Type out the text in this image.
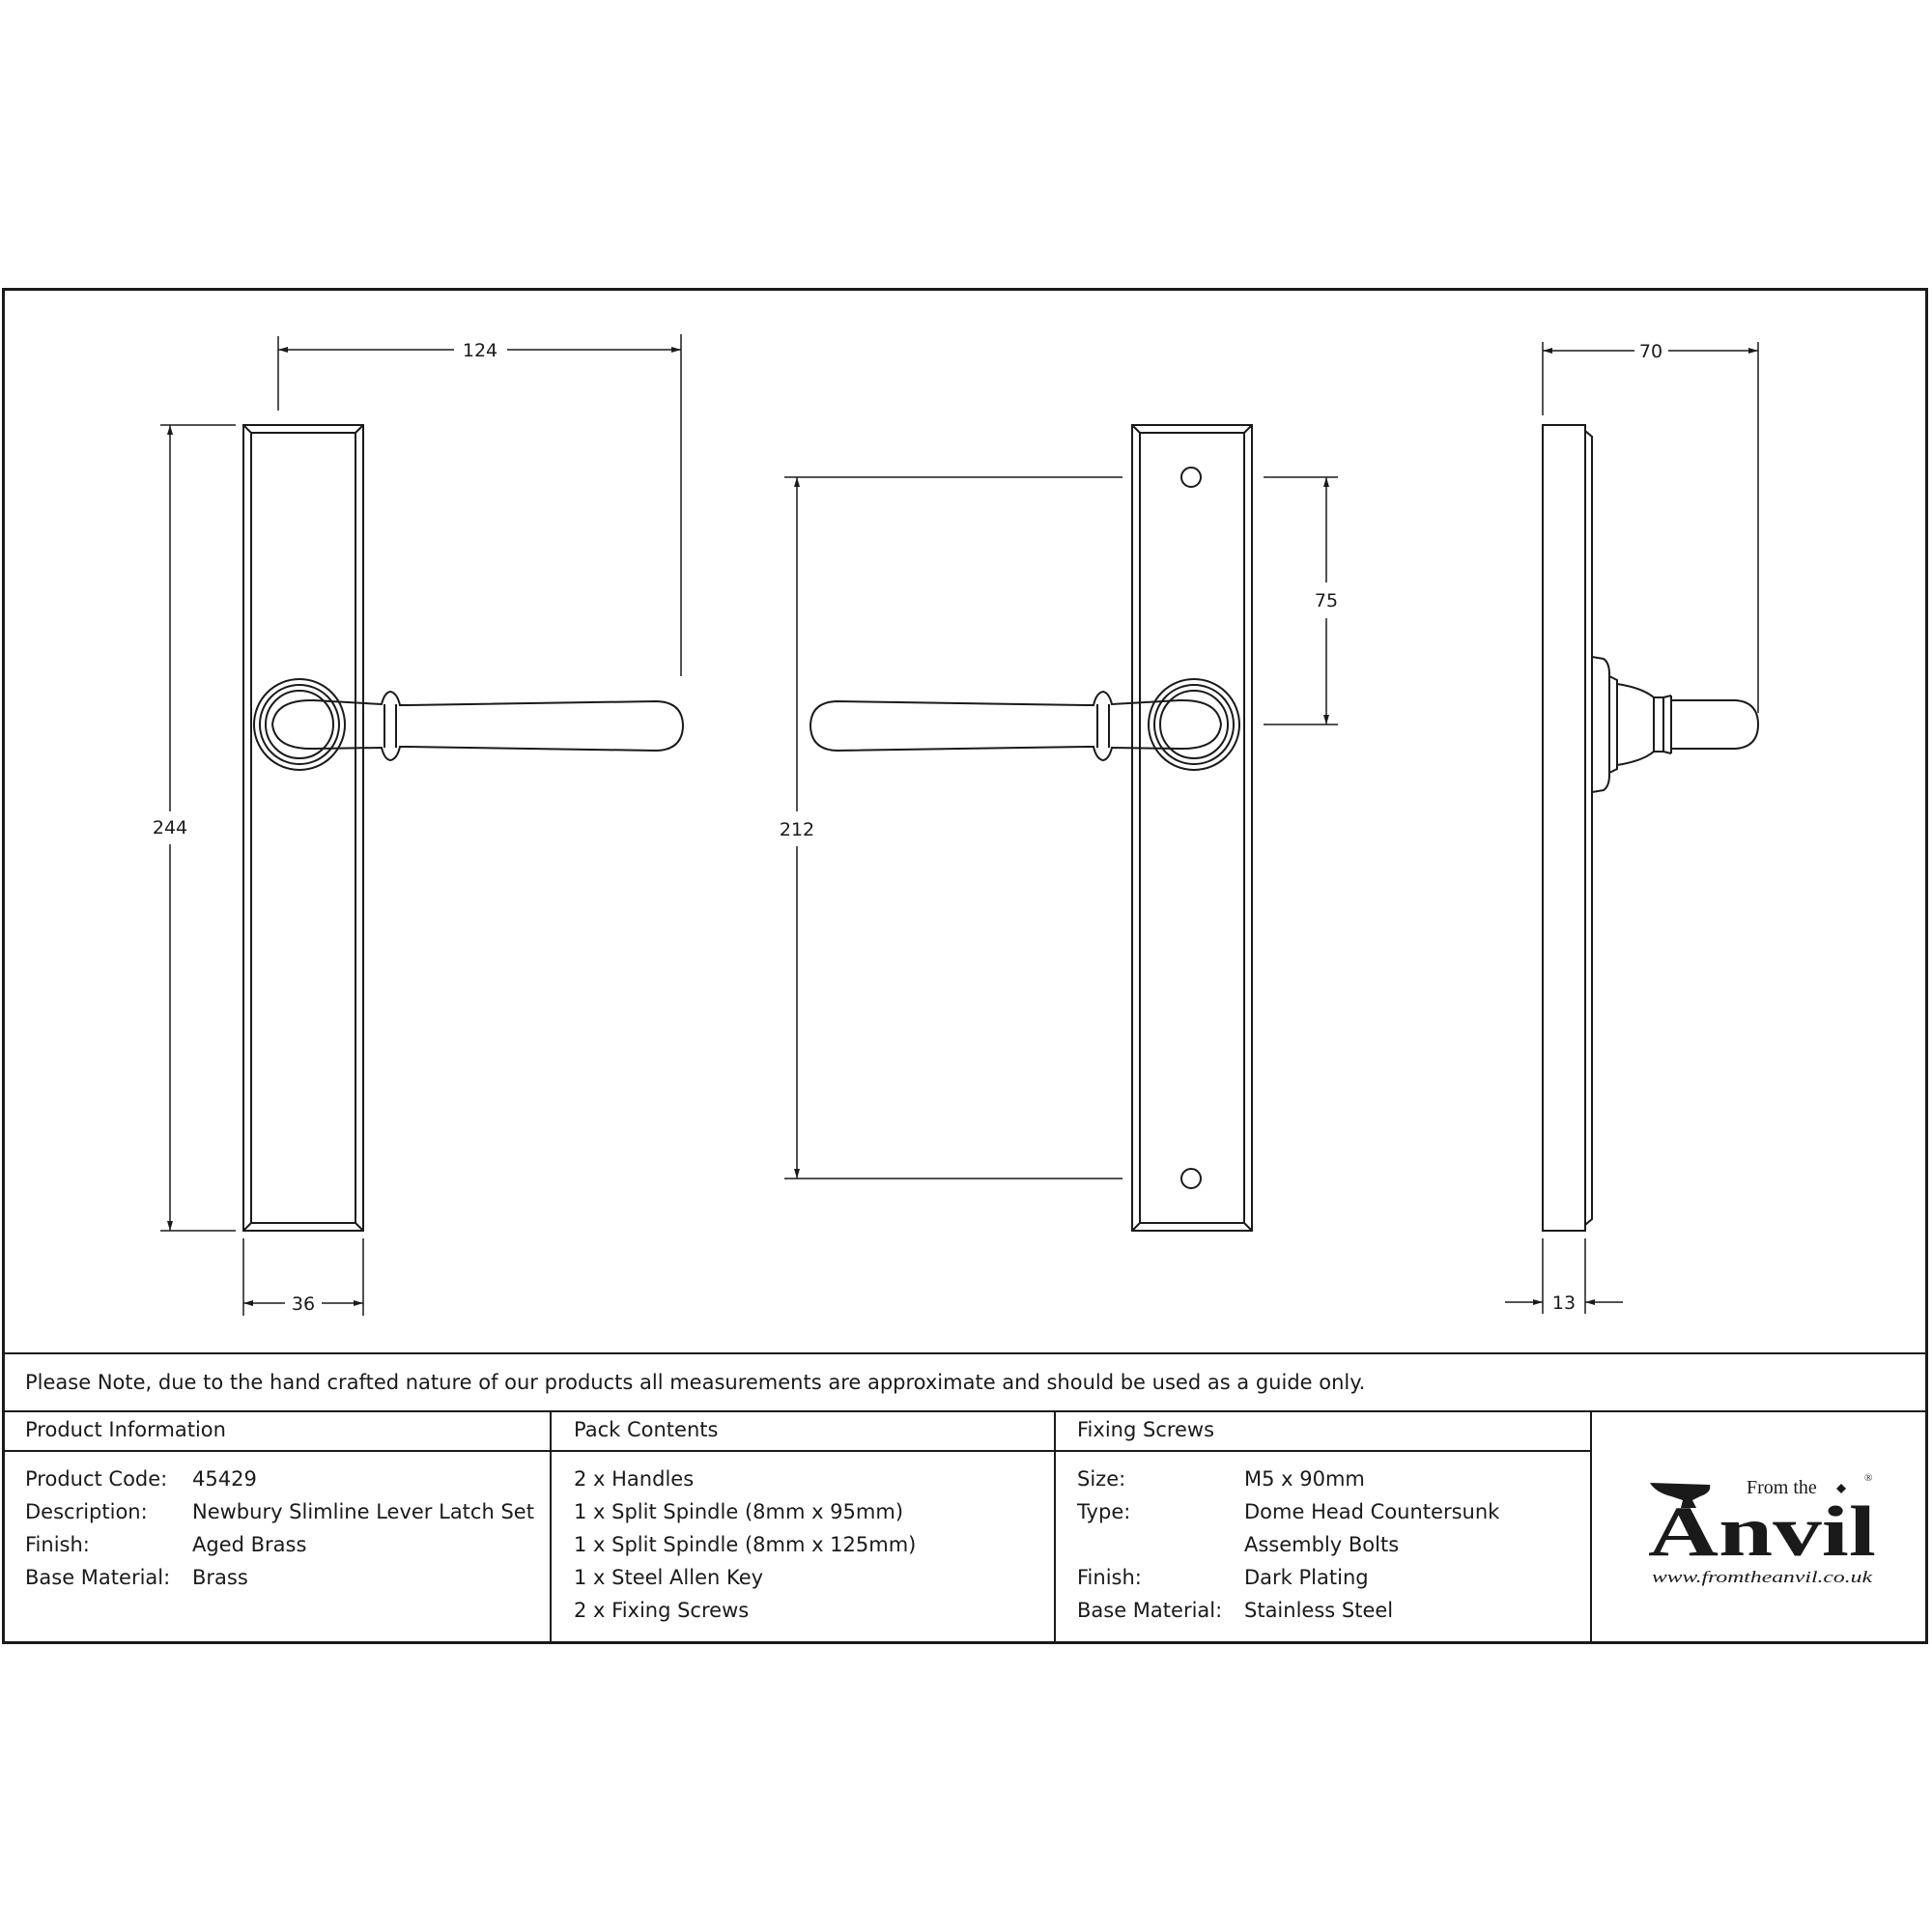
124
244
36
212
75
70
13
Please Note, due to the hand crafted nature of our products all measurements are approximate and should be used as a guide only.
Product Information	Pack Contents	Fixing Screws
Product Code: 45429
Description: Newbury Slimline Lever Latch Set
Finish:	Aged Brass
Base Material: Brass
2 x Handles
1 x Split Spindle (8mm x 95mm)
1 x Split Spindle (8mm x 125mm)
1 x Steel Allen Key
2 x Fixing Screws
Size:	M5 x 90mm
Type:	Dome Head Countersunk
Assembly Bolts
Finish:	Dark Plating
Base Material: Stainless Steel
From the	®
Anvil
www.fromtheanvil.co.uk
